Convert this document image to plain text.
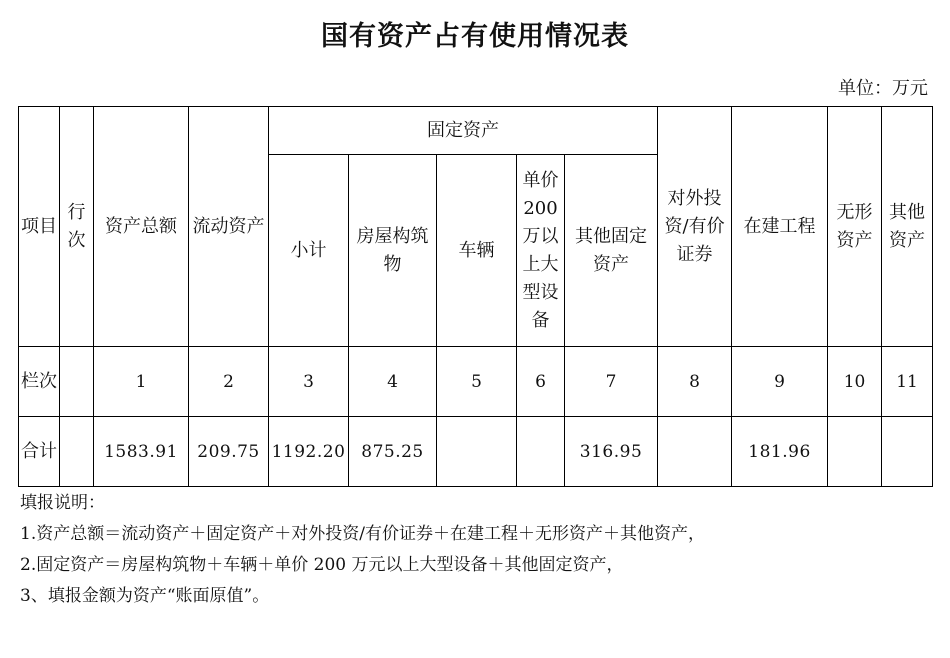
国有资产占有使用情况表
单位：万元
项目	行次	资产总额	流动资产	固定资产					对外投资/有价证券	在建工程	无形资产	其他资产
				小计	房屋构筑物	车辆	单价200万以上大型设备	其他固定资产				
栏次		1	2	3	4	5	6	7	8	9	10	11
合计		1583.91	209.75	1192.20	875.25			316.95		181.96		
填报说明：
1.资产总额＝流动资产＋固定资产＋对外投资/有价证券＋在建工程＋无形资产＋其他资产，
2.固定资产＝房屋构筑物＋车辆＋单价 200 万元以上大型设备＋其他固定资产，
3、填报金额为资产“账面原值”。
